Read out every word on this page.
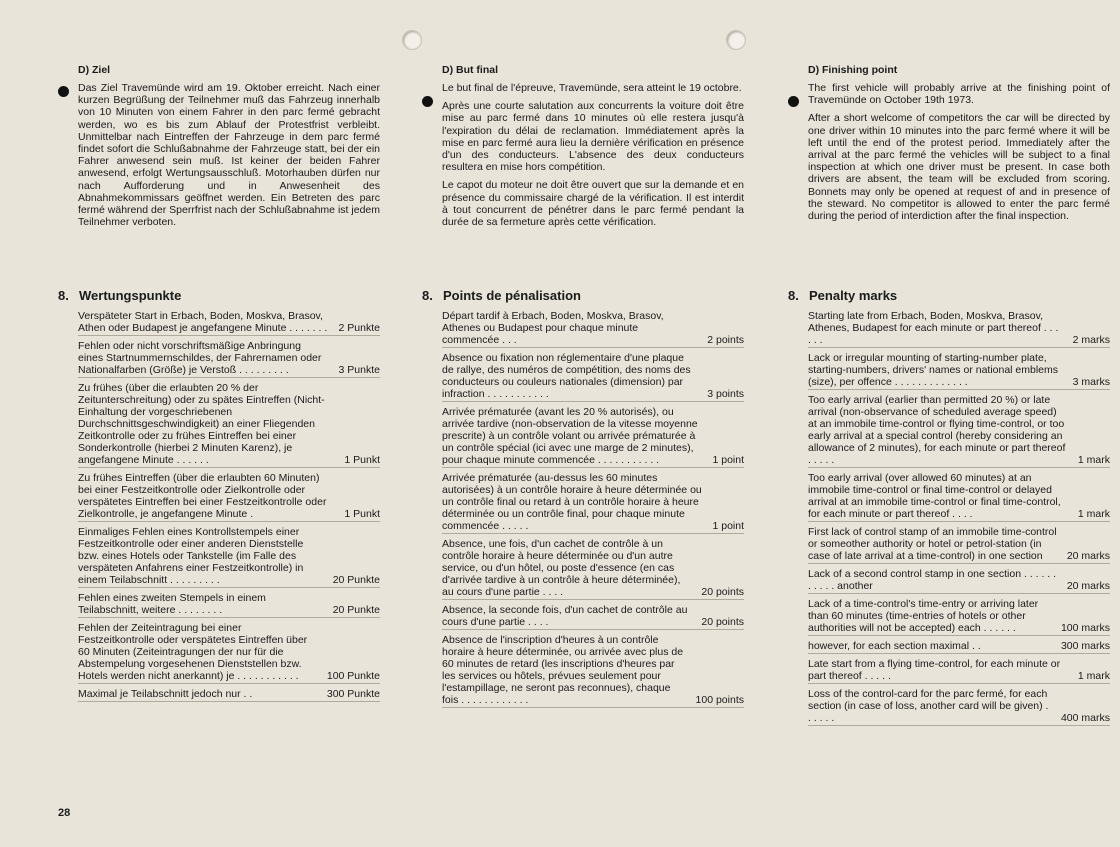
D) Ziel

Das Ziel Travemünde wird am 19. Oktober erreicht. Nach einer kurzen Begrüßung der Teilnehmer muß das Fahrzeug innerhalb von 10 Minuten von einem Fahrer in den parc fermé gebracht werden, wo es bis zum Ablauf der Protestfrist verbleibt. Unmittelbar nach Eintreffen der Fahrzeuge in dem parc fermé findet sofort die Schlußabnahme der Fahrzeuge statt, bei der ein Fahrer anwesend sein muß. Ist keiner der beiden Fahrer anwesend, erfolgt Wertungsausschluß. Motorhauben dürfen nur nach Aufforderung und in Anwesenheit des Abnahmekommissars geöffnet werden. Ein Betreten des parc fermé während der Sperrfrist nach der Schlußabnahme ist jedem Teilnehmer verboten.

8. Wertungspunkte
Verspäteter Start in Erbach, Boden, Moskva, Brasov, Athen oder Budapest je angefangene Minute . . . . . . .	2 Punkte
Fehlen oder nicht vorschriftsmäßige Anbringung eines Startnummernschildes, der Fahrernamen oder Nationalfarben (Größe) je Verstoß . . . . . . . . .	3 Punkte
Zu frühes (über die erlaubten 20 % der Zeitunterschreitung) oder zu spätes Eintreffen (Nicht-Einhaltung der vorgeschriebenen Durchschnittsgeschwindigkeit) an einer Fliegenden Zeitkontrolle oder zu frühes Eintreffen bei einer Sonderkontrolle (hierbei 2 Minuten Karenz), je angefangene Minute . . . . . .	1 Punkt
Zu frühes Eintreffen (über die erlaubten 60 Minuten) bei einer Festzeitkontrolle oder Zielkontrolle oder verspätetes Eintreffen bei einer Festzeitkontrolle oder Zielkontrolle, je angefangene Minute .	1 Punkt
Einmaliges Fehlen eines Kontrollstempels einer Festzeitkontrolle oder einer anderen Dienststelle bzw. eines Hotels oder Tankstelle (im Falle des verspäteten Anfahrens einer Festzeitkontrolle) in einem Teilabschnitt . . . . . . . . .	20 Punkte
Fehlen eines zweiten Stempels in einem Teilabschnitt, weitere . . . . . . . .	20 Punkte
Fehlen der Zeiteintragung bei einer Festzeitkontrolle oder verspätetes Eintreffen über 60 Minuten (Zeiteintragungen der nur für die Abstempelung vorgesehenen Dienststellen bzw. Hotels werden nicht anerkannt) je . . . . . . . . . . .	100 Punkte
Maximal je Teilabschnitt jedoch nur . .	300 Punkte
D) But final

Le but final de l'épreuve, Travemünde, sera atteint le 19 octobre.

Après une courte salutation aux concurrents la voiture doit être mise au parc fermé dans 10 minutes où elle restera jusqu'à l'expiration du délai de reclamation. Immédiatement après la mise en parc fermé aura lieu la dernière vérification en présence d'un des conducteurs. L'absence des deux conducteurs resultera en mise hors compétition.

Le capot du moteur ne doit être ouvert que sur la demande et en présence du commissaire chargé de la vérification. Il est interdit à tout concurrent de pénétrer dans le parc fermé pendant la durée de sa fermeture après cette vérification.

8. Points de pénalisation
Départ tardif à Erbach, Boden, Moskva, Brasov, Athenes ou Budapest pour chaque minute commencée . . .	2 points
Absence ou fixation non réglementaire d'une plaque de rallye, des numéros de compétition, des noms des conducteurs ou couleurs nationales (dimension) par infraction . . . . . . . . . . .	3 points
Arrivée prématurée (avant les 20 % autorisés), ou arrivée tardive (non-observation de la vitesse moyenne prescrite) à un contrôle volant ou arrivée prématurée à un contrôle spécial (ici avec une marge de 2 minutes), pour chaque minute commencée . . . . . . . . . . .	1 point
Arrivée prématurée (au-dessus les 60 minutes autorisées) à un contrôle horaire à heure déterminée ou un contrôle final ou retard à un contrôle horaire à heure déterminée ou un contrôle final, pour chaque minute commencée . . . . .	1 point
Absence, une fois, d'un cachet de contrôle à un contrôle horaire à heure déterminée ou d'un autre service, ou d'un hôtel, ou poste d'essence (en cas d'arrivée tardive à un contrôle à heure déterminée), au cours d'une partie . . . .	20 points
Absence, la seconde fois, d'un cachet de contrôle au cours d'une partie . . . .	20 points
Absence de l'inscription d'heures à un contrôle horaire à heure déterminée, ou arrivée avec plus de 60 minutes de retard (les inscriptions d'heures par les services ou hôtels, prévues seulement pour l'estampillage, ne seront pas reconnues), chaque fois . . . . . . . . . . . .	100 points
D) Finishing point

The first vehicle will probably arrive at the finishing point of Travemünde on October 19th 1973.

After a short welcome of competitors the car will be directed by one driver within 10 minutes into the parc fermé where it will be left until the end of the protest period. Immediately after the arrival at the parc fermé the vehicles will be subject to a final inspection at which one driver must be present. In case both drivers are absent, the team will be excluded from scoring. Bonnets may only be opened at request of and in presence of the steward. No competitor is allowed to enter the parc fermé during the period of interdiction after the final inspection.

8. Penalty marks
Starting late from Erbach, Boden, Moskva, Brasov, Athenes, Budapest for each minute or part thereof . . . . . .	2 marks
Lack or irregular mounting of starting-number plate, starting-numbers, drivers' names or national emblems (size), per offence . . . . . . . . . . . . .	3 marks
Too early arrival (earlier than permitted 20 %) or late arrival (non-observance of scheduled average speed) at an immobile time-control or flying time-control, or too early arrival at a special control (hereby considering an allowance of 2 minutes), for each minute or part thereof . . . . .	1 mark
Too early arrival (over allowed 60 minutes) at an immobile time-control or final time-control or delayed arrival at an immobile time-control or final time-control, for each minute or part thereof . . . .	1 mark
First lack of control stamp of an immobile time-control or someother authority or hotel or petrol-station (in case of late arrival at a time-control) in one section	20 marks
Lack of a second control stamp in one section . . . . . . . . . . . another	20 marks
Lack of a time-control's time-entry or arriving later than 60 minutes (time-entries of hotels or other authorities will not be accepted) each . . . . . .	100 marks
however, for each section maximal . .	300 marks
Late start from a flying time-control, for each minute or part thereof . . . . .	1 mark
Loss of the control-card for the parc fermé, for each section (in case of loss, another card will be given) . . . . . .	400 marks
28
